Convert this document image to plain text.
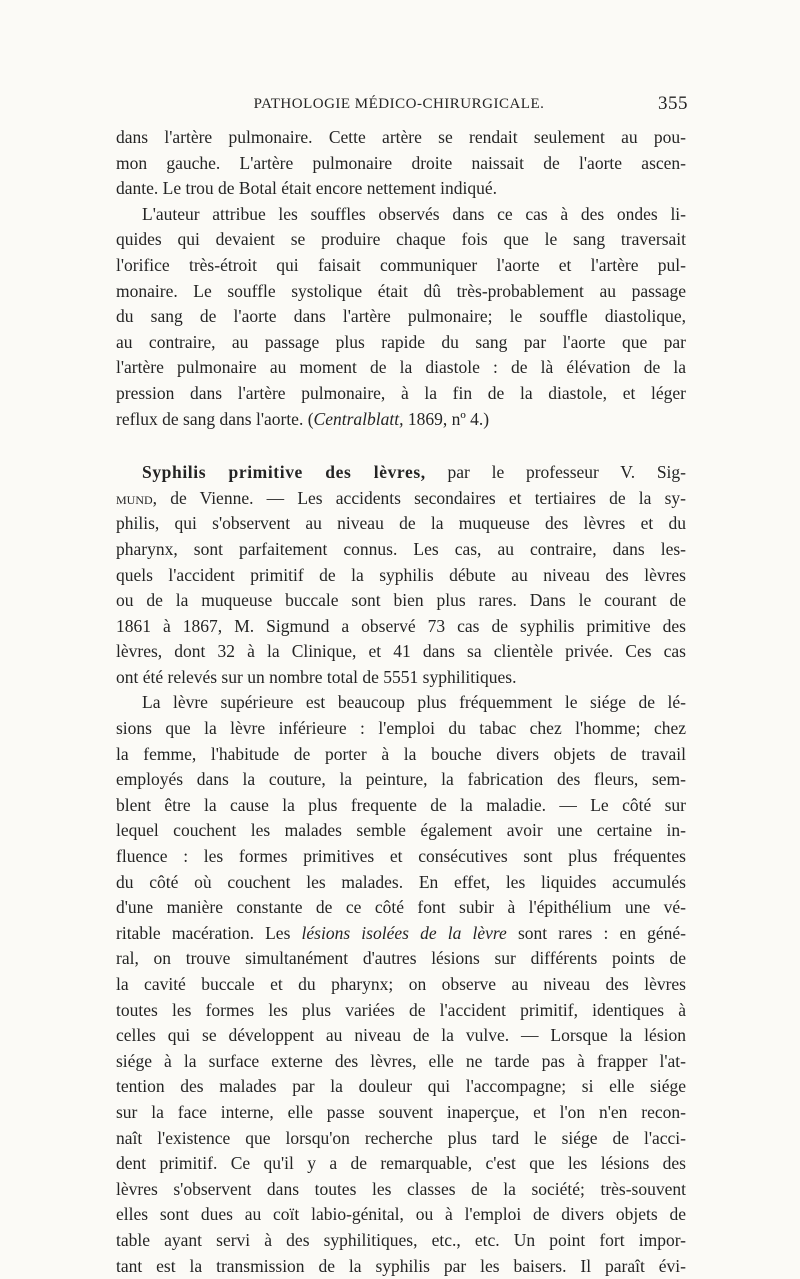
PATHOLOGIE MÉDICO-CHIRURGICALE.	355
dans l'artère pulmonaire. Cette artère se rendait seulement au pou-
mon gauche. L'artère pulmonaire droite naissait de l'aorte ascen-
dante. Le trou de Botal était encore nettement indiqué.
L'auteur attribue les souffles observés dans ce cas à des ondes li-
quides qui devaient se produire chaque fois que le sang traversait
l'orifice très-étroit qui faisait communiquer l'aorte et l'artère pul-
monaire. Le souffle systolique était dû très-probablement au passage
du sang de l'aorte dans l'artère pulmonaire; le souffle diastolique,
au contraire, au passage plus rapide du sang par l'aorte que par
l'artère pulmonaire au moment de la diastole : de là élévation de la
pression dans l'artère pulmonaire, à la fin de la diastole, et léger
reflux de sang dans l'aorte. (Centralblatt, 1869, nº 4.)
Syphilis primitive des lèvres, par le professeur V. Sig-
mund, de Vienne. — Les accidents secondaires et tertiaires de la sy-
philis, qui s'observent au niveau de la muqueuse des lèvres et du
pharynx, sont parfaitement connus. Les cas, au contraire, dans les-
quels l'accident primitif de la syphilis débute au niveau des lèvres
ou de la muqueuse buccale sont bien plus rares. Dans le courant de
1861 à 1867, M. Sigmund a observé 73 cas de syphilis primitive des
lèvres, dont 32 à la Clinique, et 41 dans sa clientèle privée. Ces cas
ont été relevés sur un nombre total de 5551 syphilitiques.
La lèvre supérieure est beaucoup plus fréquemment le siége de lé-
sions que la lèvre inférieure : l'emploi du tabac chez l'homme; chez
la femme, l'habitude de porter à la bouche divers objets de travail
employés dans la couture, la peinture, la fabrication des fleurs, sem-
blent être la cause la plus frequente de la maladie. — Le côté sur
lequel couchent les malades semble également avoir une certaine in-
fluence : les formes primitives et consécutives sont plus fréquentes
du côté où couchent les malades. En effet, les liquides accumulés
d'une manière constante de ce côté font subir à l'épithélium une vé-
ritable macération. Les lésions isolées de la lèvre sont rares : en géné-
ral, on trouve simultanément d'autres lésions sur différents points de
la cavité buccale et du pharynx; on observe au niveau des lèvres
toutes les formes les plus variées de l'accident primitif, identiques à
celles qui se développent au niveau de la vulve. — Lorsque la lésion
siége à la surface externe des lèvres, elle ne tarde pas à frapper l'at-
tention des malades par la douleur qui l'accompagne; si elle siége
sur la face interne, elle passe souvent inaperçue, et l'on n'en recon-
naît l'existence que lorsqu'on recherche plus tard le siége de l'acci-
dent primitif. Ce qu'il y a de remarquable, c'est que les lésions des
lèvres s'observent dans toutes les classes de la société; très-souvent
elles sont dues au coït labio-génital, ou à l'emploi de divers objets de
table ayant servi à des syphilitiques, etc., etc. Un point fort impor-
tant est la transmission de la syphilis par les baisers. Il paraît évi-
